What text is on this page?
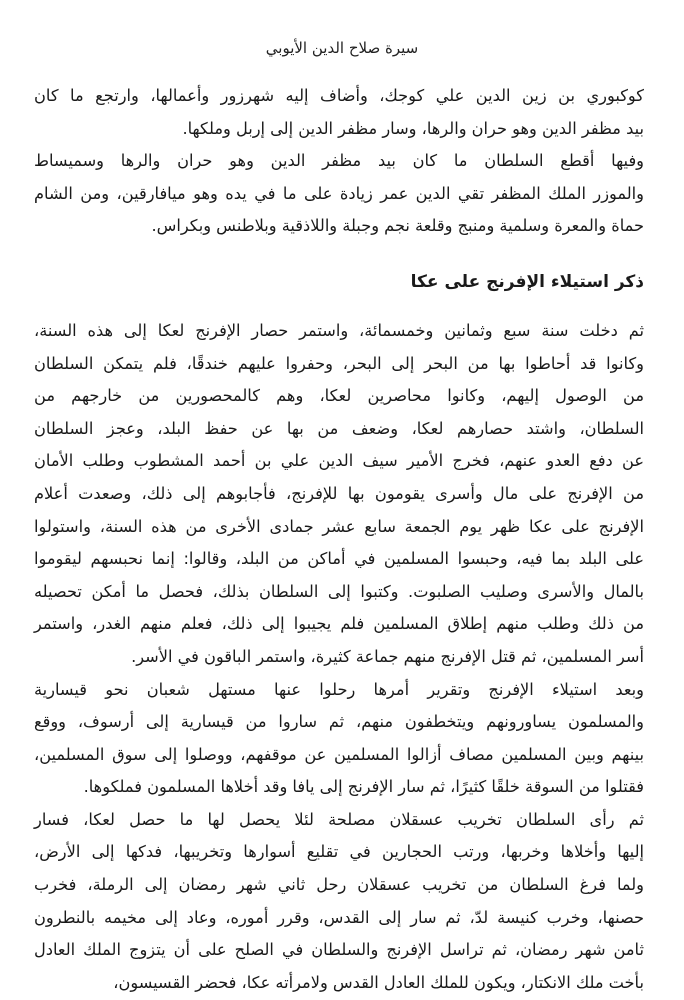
سيرة صلاح الدين الأيوبي

كوكبوري بن زين الدين علي كوجك، وأضاف إليه شهرزور وأعمالها، وارتجع ما كان
بيد مظفر الدين وهو حران والرها، وسار مظفر الدين إلى إربل وملكها.

وفيها أقطع السلطان ما كان بيد مظفر الدين وهو حران والرها وسميساط
والموزر الملك المظفر تقي الدين عمر زيادة على ما في يده وهو ميافارقين، ومن الشام
حماة والمعرة وسلمية ومنبج وقلعة نجم وجبلة واللاذقية وبلاطنس وبكراس.

ذكر استيلاء الإفرنج على عكا

ثم دخلت سنة سبع وثمانين وخمسمائة، واستمر حصار الإفرنج لعكا إلى هذه السنة،
وكانوا قد أحاطوا بها من البحر إلى البحر، وحفروا عليهم خندقًا، فلم يتمكن السلطان
من الوصول إليهم، وكانوا محاصرين لعكا، وهم كالمحصورين من خارجهم من
السلطان، واشتد حصارهم لعكا، وضعف من بها عن حفظ البلد، وعجز السلطان
عن دفع العدو عنهم، فخرج الأمير سيف الدين علي بن أحمد المشطوب وطلب الأمان
من الإفرنج على مال وأسرى يقومون بها للإفرنج، فأجابوهم إلى ذلك، وصعدت أعلام
الإفرنج على عكا ظهر يوم الجمعة سابع عشر جمادى الأخرى من هذه السنة، واستولوا
على البلد بما فيه، وحبسوا المسلمين في أماكن من البلد، وقالوا: إنما نحبسهم ليقوموا
بالمال والأسرى وصليب الصلبوت. وكتبوا إلى السلطان بذلك، فحصل ما أمكن تحصيله
من ذلك وطلب منهم إطلاق المسلمين فلم يجيبوا إلى ذلك، فعلم منهم الغدر، واستمر
أسر المسلمين، ثم قتل الإفرنج منهم جماعة كثيرة، واستمر الباقون في الأسر.

وبعد استيلاء الإفرنج وتقرير أمرها رحلوا عنها مستهل شعبان نحو قيسارية
والمسلمون يساورونهم ويتخطفون منهم، ثم ساروا من قيسارية إلى أرسوف، ووقع
بينهم وبين المسلمين مصاف أزالوا المسلمين عن موقفهم، ووصلوا إلى سوق المسلمين،
فقتلوا من السوقة خلقًا كثيرًا، ثم سار الإفرنج إلى يافا وقد أخلاها المسلمون فملكوها.

ثم رأى السلطان تخريب عسقلان مصلحة لئلا يحصل لها ما حصل لعكا، فسار
إليها وأخلاها وخربها، ورتب الحجارين في تقليع أسوارها وتخريبها، فدكها إلى الأرض،
ولما فرغ السلطان من تخريب عسقلان رحل ثاني شهر رمضان إلى الرملة، فخرب
حصنها، وخرب كنيسة لدّ، ثم سار إلى القدس، وقرر أموره، وعاد إلى مخيمه بالنطرون
ثامن شهر رمضان، ثم تراسل الإفرنج والسلطان في الصلح على أن يتزوج الملك العادل
بأخت ملك الانكتار، ويكون للملك العادل القدس ولامرأته عكا، فحضر القسيسون،
